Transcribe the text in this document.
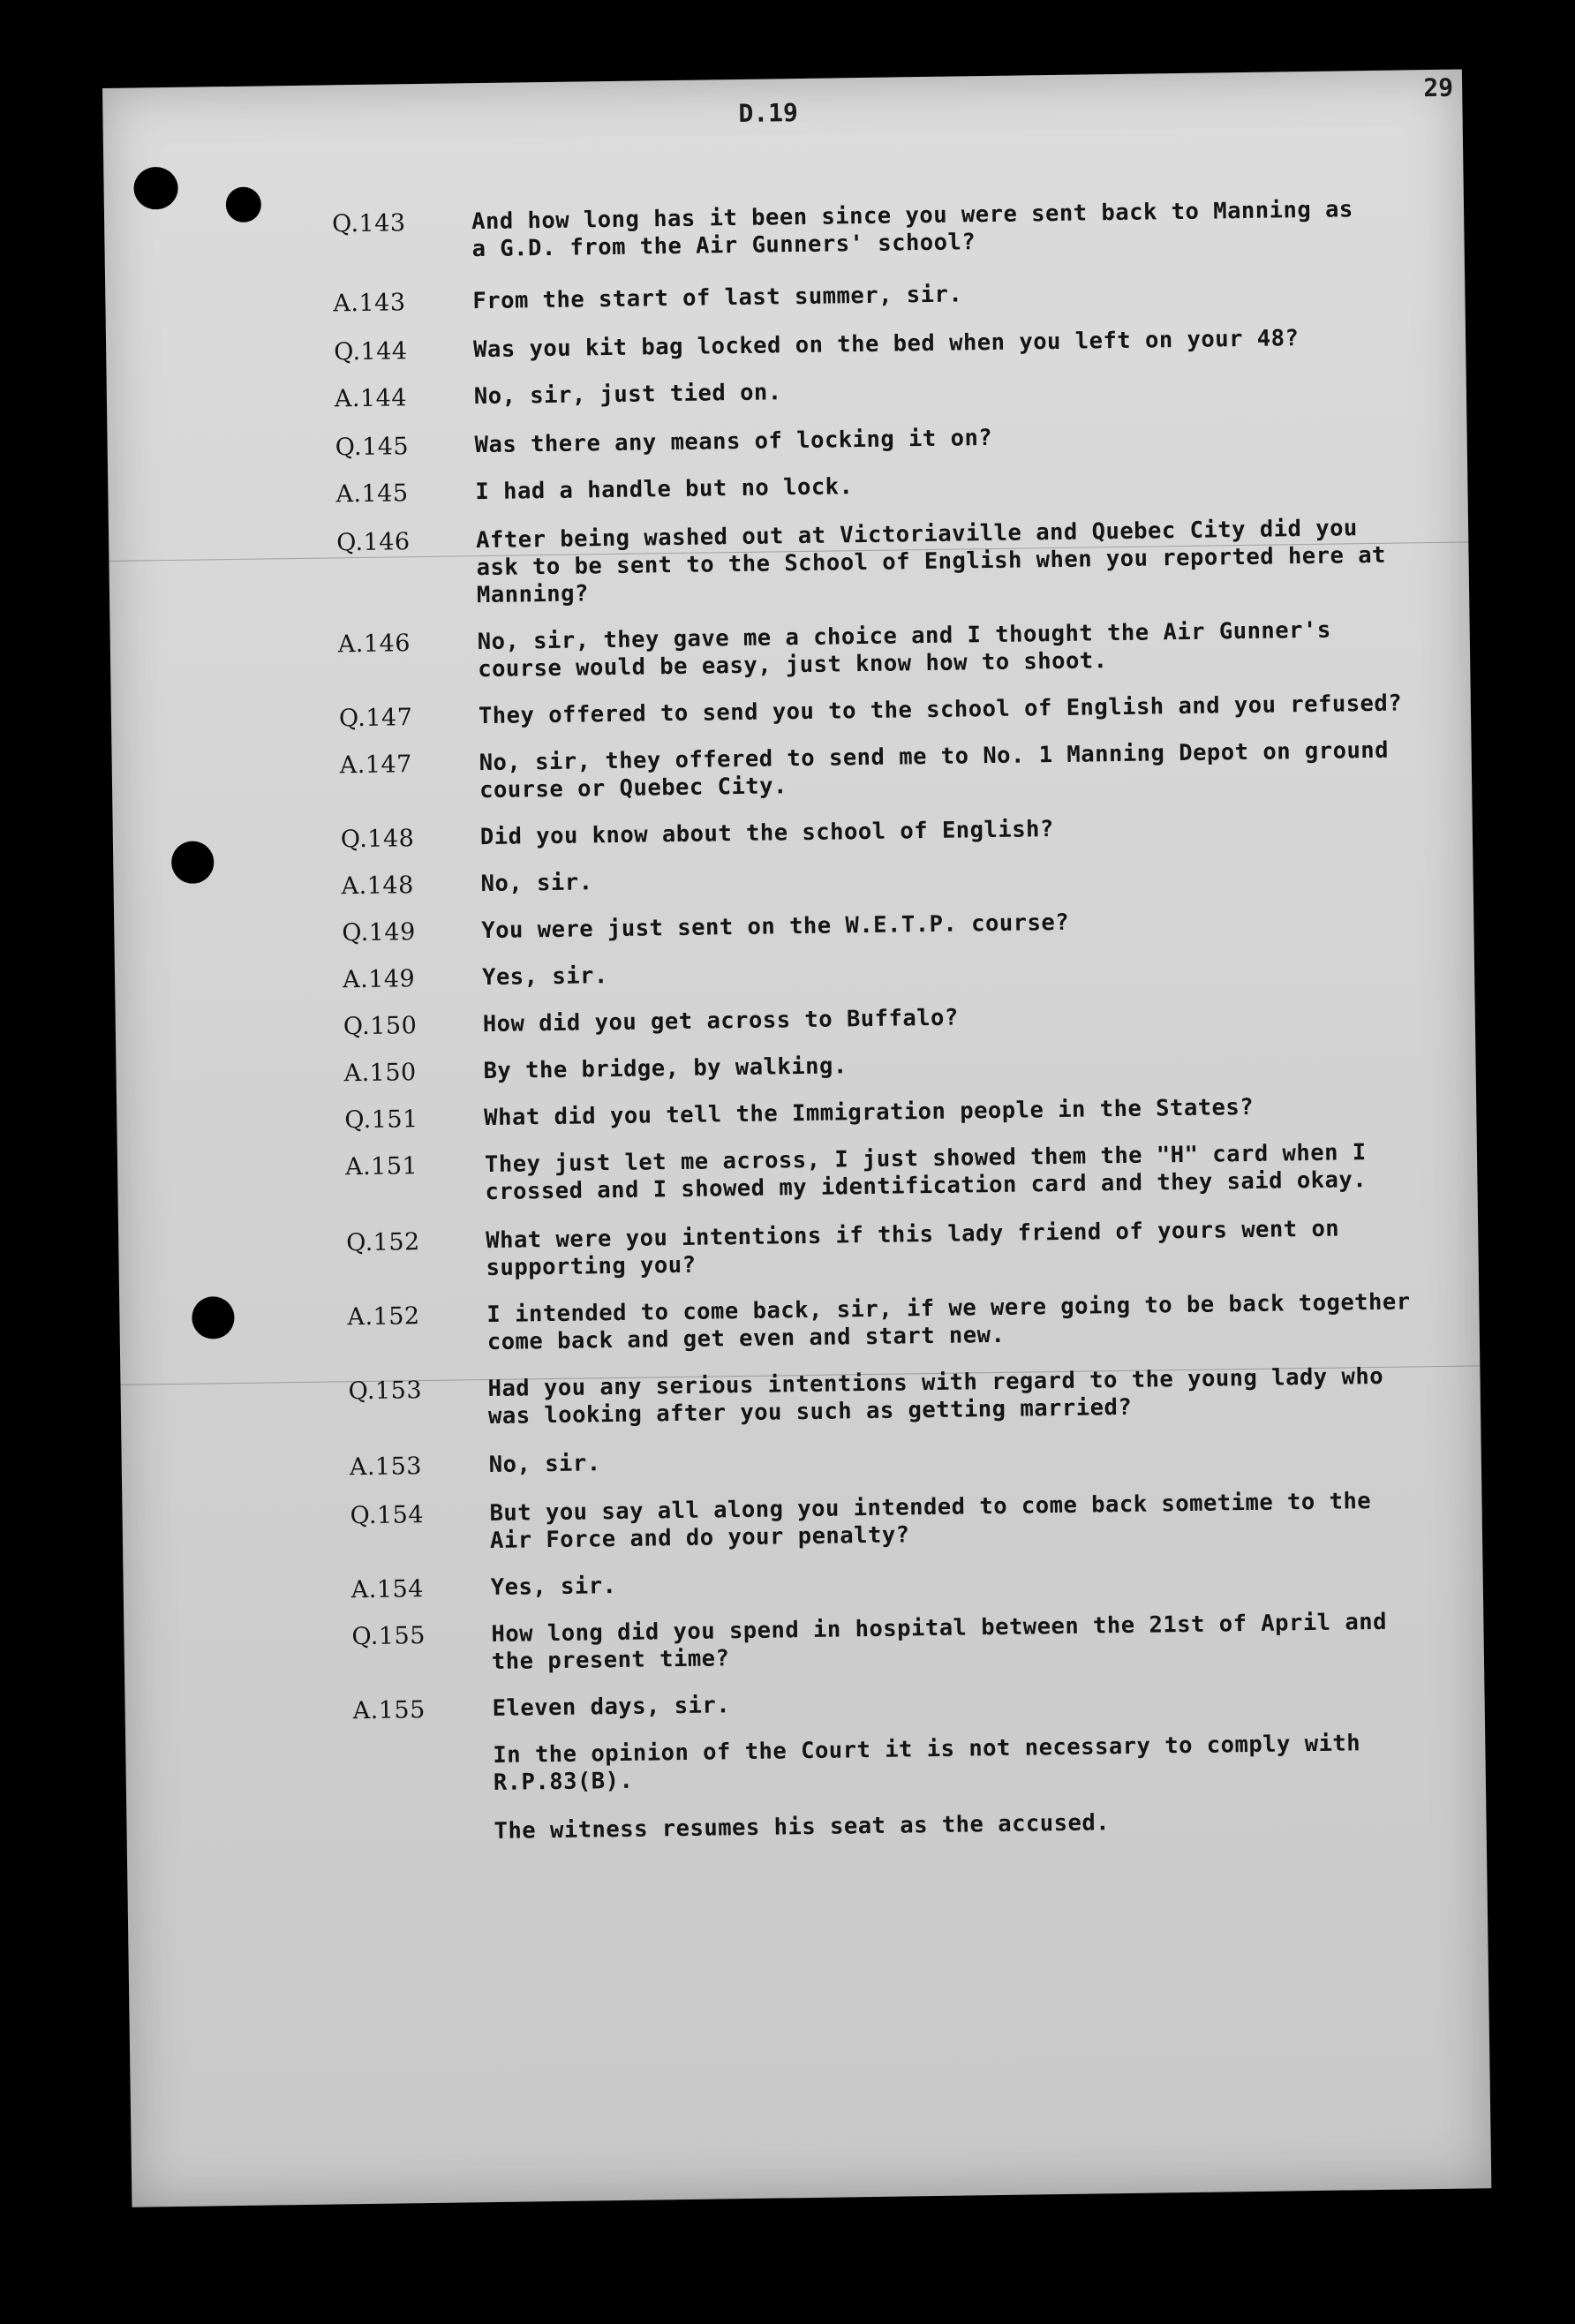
D.19
29
Q.143	And how long has it been since you were sent back to Manning as
a G.D. from the Air Gunners' school?
A.143	From the start of last summer, sir.
Q.144	Was you kit bag locked on the bed when you left on your 48?
A.144	No, sir, just tied on.
Q.145	Was there any means of locking it on?
A.145	I had a handle but no lock.
Q.146	After being washed out at Victoriaville and Quebec City did you
ask to be sent to the School of English when you reported here at
Manning?
A.146	No, sir, they gave me a choice and I thought the Air Gunner's
course would be easy, just know how to shoot.
Q.147	They offered to send you to the school of English and you refused?
A.147	No, sir, they offered to send me to No. 1 Manning Depot on ground
course or Quebec City.
Q.148	Did you know about the school of English?
A.148	No, sir.
Q.149	You were just sent on the W.E.T.P. course?
A.149	Yes, sir.
Q.150	How did you get across to Buffalo?
A.150	By the bridge, by walking.
Q.151	What did you tell the Immigration people in the States?
A.151	They just let me across, I just showed them the "H" card when I
crossed and I showed my identification card and they said okay.
Q.152	What were you intentions if this lady friend of yours went on
supporting you?
A.152	I intended to come back, sir, if we were going to be back together
come back and get even and start new.
Q.153	Had you any serious intentions with regard to the young lady who
was looking after you such as getting married?
A.153	No, sir.
Q.154	But you say all along you intended to come back sometime to the
Air Force and do your penalty?
A.154	Yes, sir.
Q.155	How long did you spend in hospital between the 21st of April and
the present time?
A.155	Eleven days, sir.
In the opinion of the Court it is not necessary to comply with
R.P.83(B).
The witness resumes his seat as the accused.
